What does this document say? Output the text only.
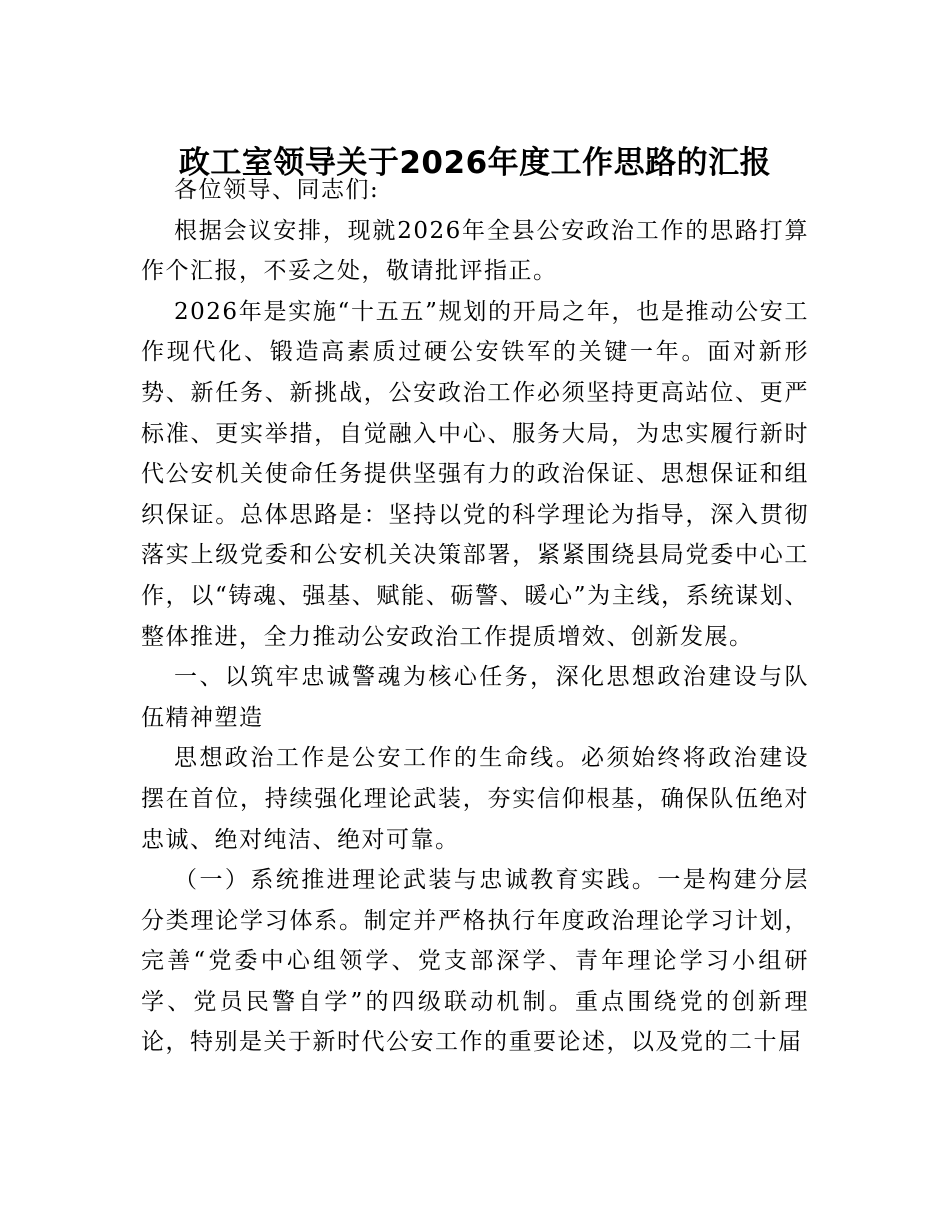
政工室领导关于2026年度工作思路的汇报

各位领导、同志们:

根据会议安排，现就2026年全县公安政治工作的思路打算作个汇报，不妥之处，敬请批评指正。

2026年是实施“十五五”规划的开局之年，也是推动公安工作现代化、锻造高素质过硬公安铁军的关键一年。面对新形势、新任务、新挑战，公安政治工作必须坚持更高站位、更严标准、更实举措，自觉融入中心、服务大局，为忠实履行新时代公安机关使命任务提供坚强有力的政治保证、思想保证和组织保证。总体思路是：坚持以党的科学理论为指导，深入贯彻落实上级党委和公安机关决策部署，紧紧围绕县局党委中心工作，以“铸魂、强基、赋能、砺警、暖心”为主线，系统谋划、整体推进，全力推动公安政治工作提质增效、创新发展。

一、以筑牢忠诚警魂为核心任务，深化思想政治建设与队伍精神塑造

思想政治工作是公安工作的生命线。必须始终将政治建设摆在首位，持续强化理论武装，夯实信仰根基，确保队伍绝对忠诚、绝对纯洁、绝对可靠。

（一）系统推进理论武装与忠诚教育实践。一是构建分层分类理论学习体系。制定并严格执行年度政治理论学习计划，完善“党委中心组领学、党支部深学、青年理论学习小组研学、党员民警自学”的四级联动机制。重点围绕党的创新理论，特别是关于新时代公安工作的重要论述，以及党的二十届
